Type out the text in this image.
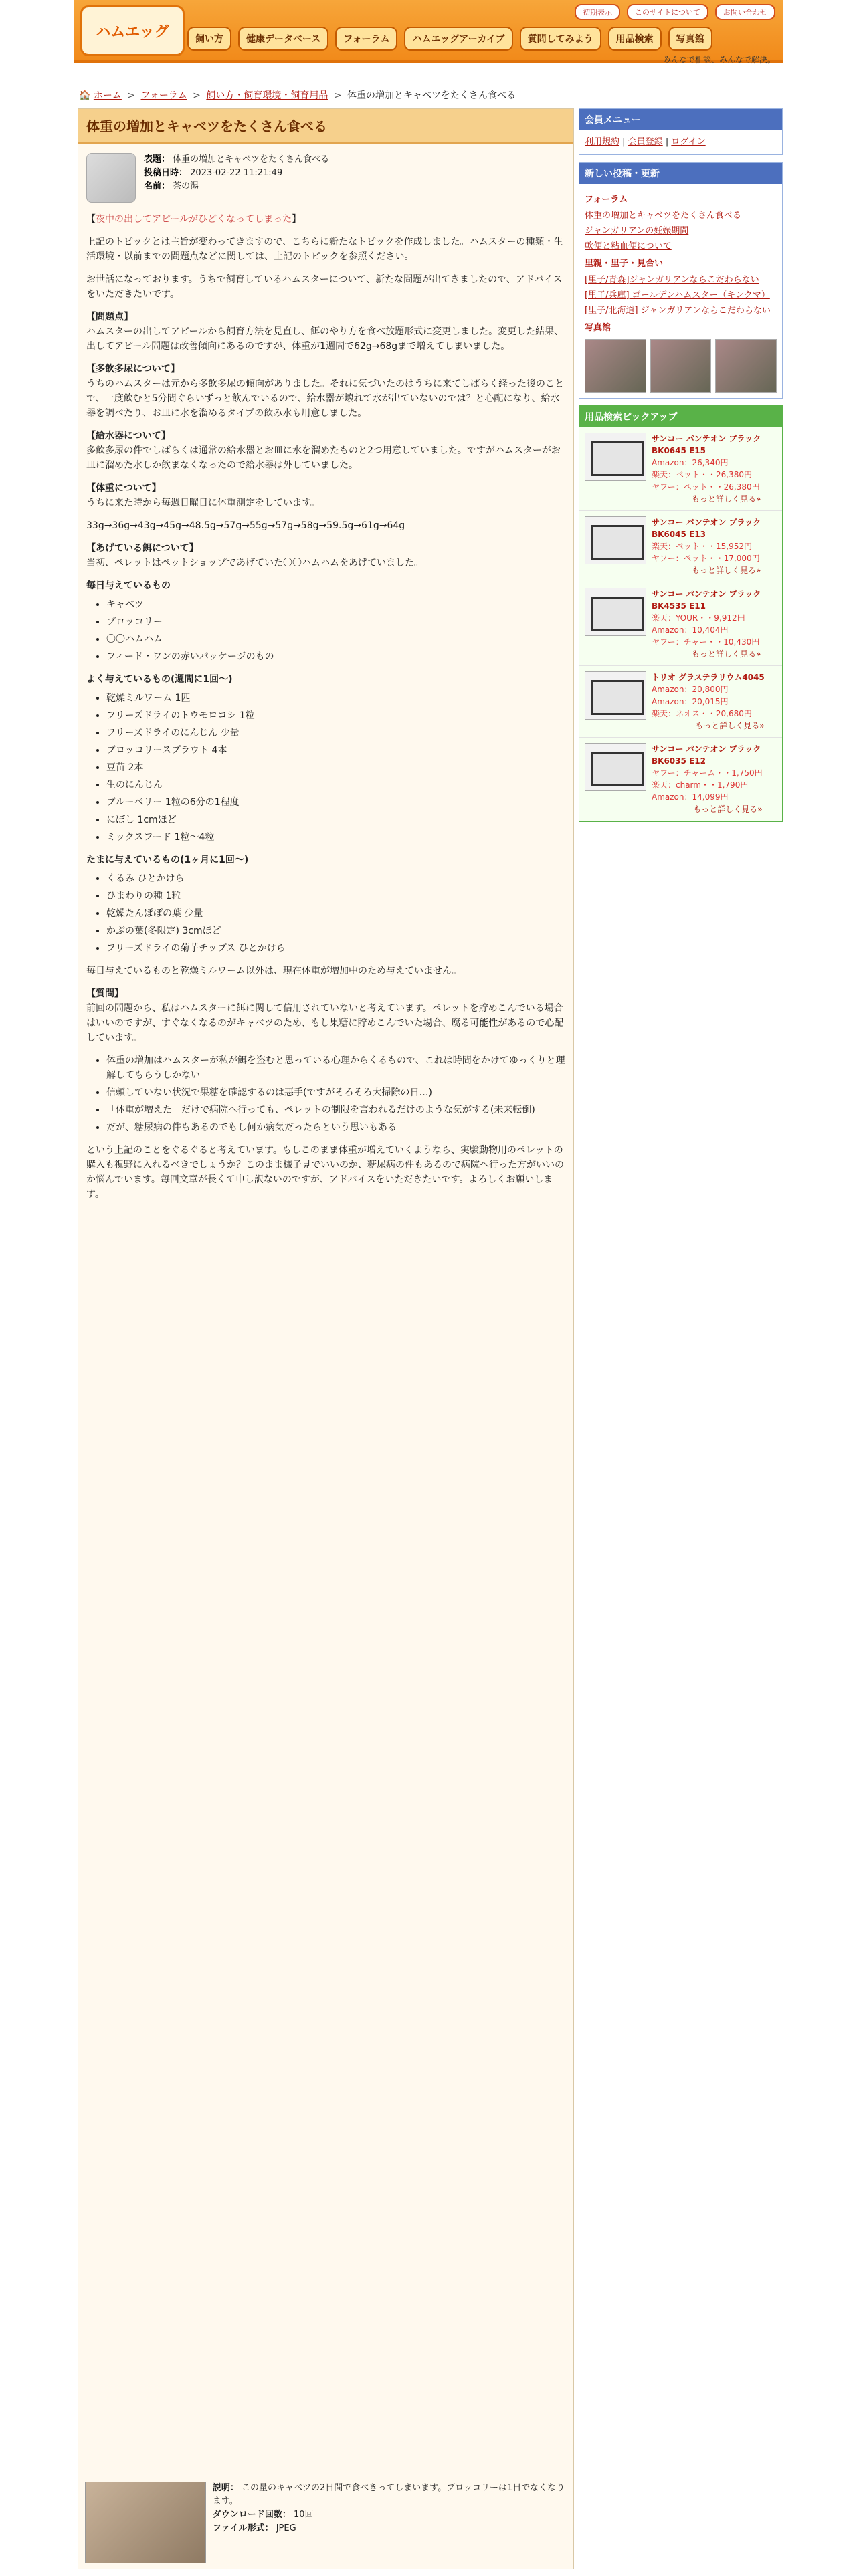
ハムエッグ
初期表示	このサイトについて	お問い合わせ
飼い方	健康データベース	フォーラム	ハムエッグアーカイブ	質問してみよう	用品検索	写真館
みんなで相談、みんなで解決。
🏠 ホーム > フォーラム > 飼い方・飼育環境・飼育用品 > 体重の増加とキャベツをたくさん食べる
体重の増加とキャベツをたくさん食べる
表題： 体重の増加とキャベツをたくさん食べる
投稿日時： 2023-02-22 11:21:49
名前： 茶の湯

【夜中の出してアピールがひどくなってしまった】

上記のトピックとは主旨が変わってきますので、こちらに新たなトピックを作成しました。ハムスターの種類・生活環境・以前までの問題点などに関しては、上記のトピックを参照ください。

お世話になっております。うちで飼育しているハムスターについて、新たな問題が出てきましたので、アドバイスをいただきたいです。

【問題点】

ハムスターの出してアピールから飼育方法を見直し、餌のやり方を食べ放題形式に変更しました。変更した結果、出してアピール問題は改善傾向にあるのですが、体重が1週間で62g→68gまで増えてしまいました。

【多飲多尿について】

うちのハムスターは元から多飲多尿の傾向がありました。それに気づいたのはうちに来てしばらく経った後のことで、一度飲むと5分間ぐらいずっと飲んでいるので、給水器が壊れて水が出ていないのでは？と心配になり、給水器を調べたり、お皿に水を溜めるタイプの飲み水も用意しました。

【給水器について】

多飲多尿の件でしばらくは通常の給水器とお皿に水を溜めたものと2つ用意していました。ですがハムスターがお皿に溜めた水しか飲まなくなったので給水器は外していました。

【体重について】

うちに来た時から毎週日曜日に体重測定をしています。

33g→36g→43g→45g→48.5g→57g→55g→57g→58g→59.5g→61g→64g

【あげている餌について】

当初、ペレットはペットショップであげていた〇〇ハムハムをあげていました。

毎日与えているもの
• キャベツ
• ブロッコリー
• 〇〇ハムハム
• フィード・ワンの赤いパッケージのもの
よく与えているもの(週間に1回～)
• 乾燥ミルワーム 1匹
• フリーズドライのトウモロコシ 1粒
• フリーズドライのにんじん 少量
• ブロッコリースプラウト 4本
• 豆苗 2本
• 生のにんじん
• ブルーベリー 1粒の6分の1程度
• にぼし 1cmほど
• ミックスフード 1粒～4粒
たまに与えているもの(1ヶ月に1回～)
• くるみ ひとかけら
• ひまわりの種 1粒
• 乾燥たんぽぽの葉 少量
• かぶの葉(冬限定) 3cmほど
• フリーズドライの菊芋チップス ひとかけら

毎日与えているものと乾燥ミルワーム以外は、現在体重が増加中のため与えていません。

【質問】

前回の問題から、私はハムスターに餌に関して信用されていないと考えています。ペレットを貯めこんでいる場合はいいのですが、すぐなくなるのがキャベツのため、もし果糖に貯めこんでいた場合、腐る可能性があるので心配しています。

• 体重の増加はハムスターが私が餌を盗むと思っている心理からくるもので、これは時間をかけてゆっくりと理解してもらうしかない
• 信頼していない状況で果糖を確認するのは悪手(ですがそろそろ大掃除の日…)
• 「体重が増えた」だけで病院へ行っても、ペレットの制限を言われるだけのような気がする(未来転倒)
• だが、糖尿病の件もあるのでもし何か病気だったらという思いもある

という上記のことをぐるぐると考えています。もしこのまま体重が増えていくようなら、実験動物用のペレットの購入も視野に入れるべきでしょうか？このまま様子見でいいのか、糖尿病の件もあるので病院へ行った方がいいのか悩んでいます。毎回文章が長くて申し訳ないのですが、アドバイスをいただきたいです。よろしくお願いします。

説明： この量のキャベツの2日間で食べきってしまいます。ブロッコリーは1日でなくなります。
ダウンロード回数： 10回
ファイル形式： JPEG
会員メニュー
利用規約 | 会員登録 | ログイン
新しい投稿・更新
フォーラム
体重の増加とキャベツをたくさん食べる
ジャンガリアンの妊娠期間
軟便と粘血便について
里親・里子・見合い
[里子/青森]ジャンガリアンならこだわらない
[里子/兵庫] ゴールデンハムスター（キンクマ）
[里子/北海道] ジャンガリアンならこだわらない
写真館
用品検索ピックアップ
サンコー パンテオン ブラック
BK0645 E15
Amazon：26,340円
楽天：ペット・・26,380円
ヤフー：ペット・・26,380円
もっと詳しく見る»
サンコー パンテオン ブラック
BK6045 E13
楽天：ペット・・15,952円
ヤフー：ペット・・17,000円
もっと詳しく見る»
サンコー パンテオン ブラック
BK4535 E11
楽天：YOUR・・9,912円
Amazon：10,404円
ヤフー：チャー・・10,430円
もっと詳しく見る»
トリオ グラステラリウム4045
Amazon：20,800円
Amazon：20,015円
楽天：ネオス・・20,680円
もっと詳しく見る»
サンコー パンテオン ブラック
BK6035 E12
ヤフー：チャーム・・1,750円
楽天：charm・・1,790円
Amazon：14,099円
もっと詳しく見る»
